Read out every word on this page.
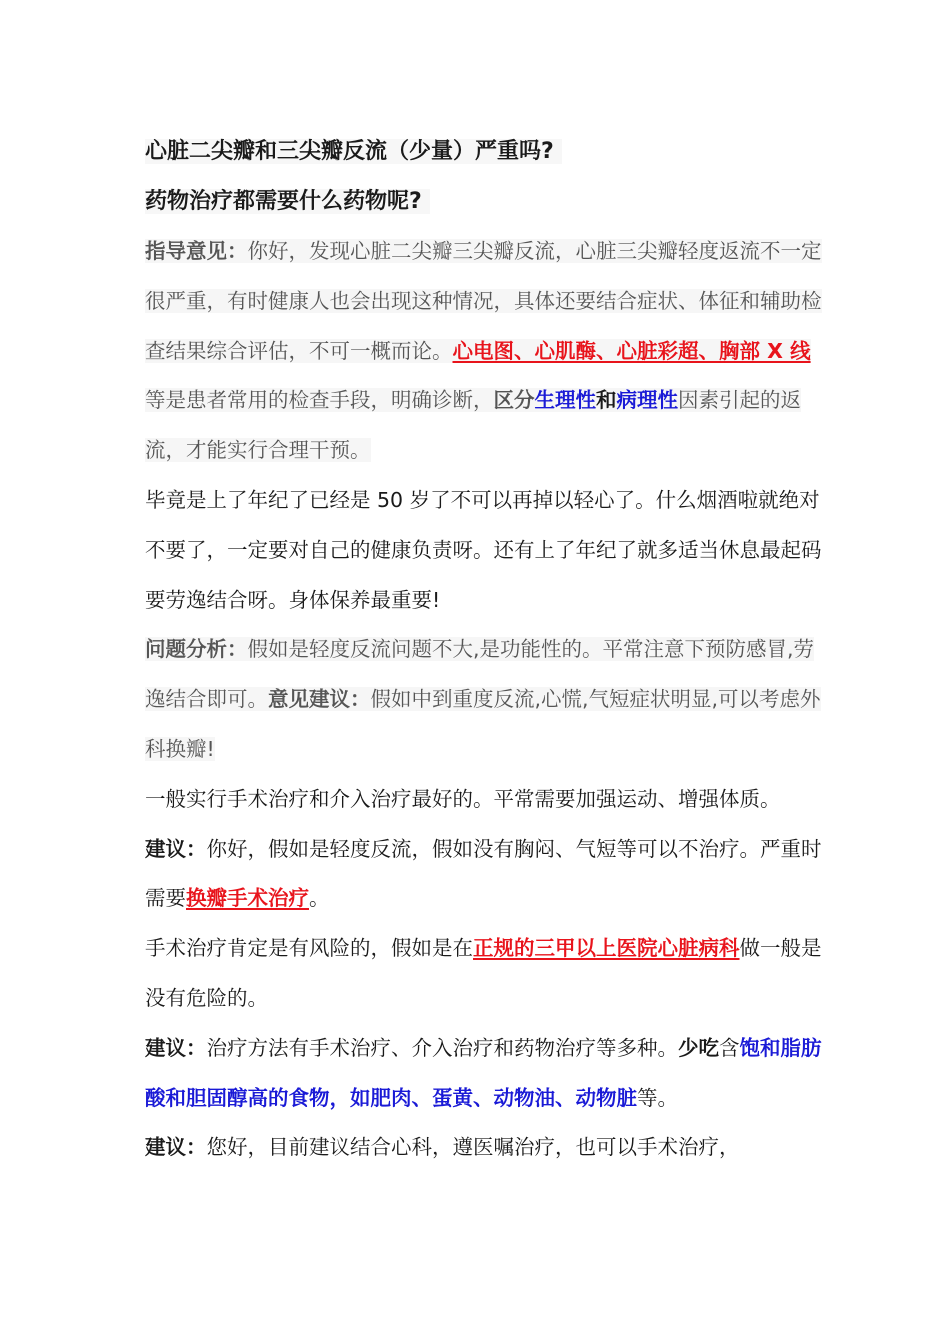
心脏二尖瓣和三尖瓣反流（少量）严重吗?
药物治疗都需要什么药物呢?

指导意见：你好，发现心脏二尖瓣三尖瓣反流，心脏三尖瓣轻度返流不一定很严重，有时健康人也会出现这种情况，具体还要结合症状、体征和辅助检查结果综合评估，不可一概而论。心电图、心肌酶、心脏彩超、胸部 X 线等是患者常用的检查手段，明确诊断，区分生理性和病理性因素引起的返流，才能实行合理干预。

毕竟是上了年纪了已经是 50 岁了不可以再掉以轻心了。什么烟酒啦就绝对不要了，一定要对自己的健康负责呀。还有上了年纪了就多适当休息最起码要劳逸结合呀。身体保养最重要!

问题分析：假如是轻度反流问题不大,是功能性的。平常注意下预防感冒,劳逸结合即可。意见建议：假如中到重度反流,心慌,气短症状明显,可以考虑外科换瓣!

一般实行手术治疗和介入治疗最好的。平常需要加强运动、增强体质。

建议：你好，假如是轻度反流，假如没有胸闷、气短等可以不治疗。严重时需要换瓣手术治疗。

手术治疗肯定是有风险的，假如是在正规的三甲以上医院心脏病科做一般是没有危险的。

建议：治疗方法有手术治疗、介入治疗和药物治疗等多种。少吃含饱和脂肪酸和胆固醇高的食物，如肥肉、蛋黄、动物油、动物脏等。

建议：您好，目前建议结合心科，遵医嘱治疗，也可以手术治疗，
